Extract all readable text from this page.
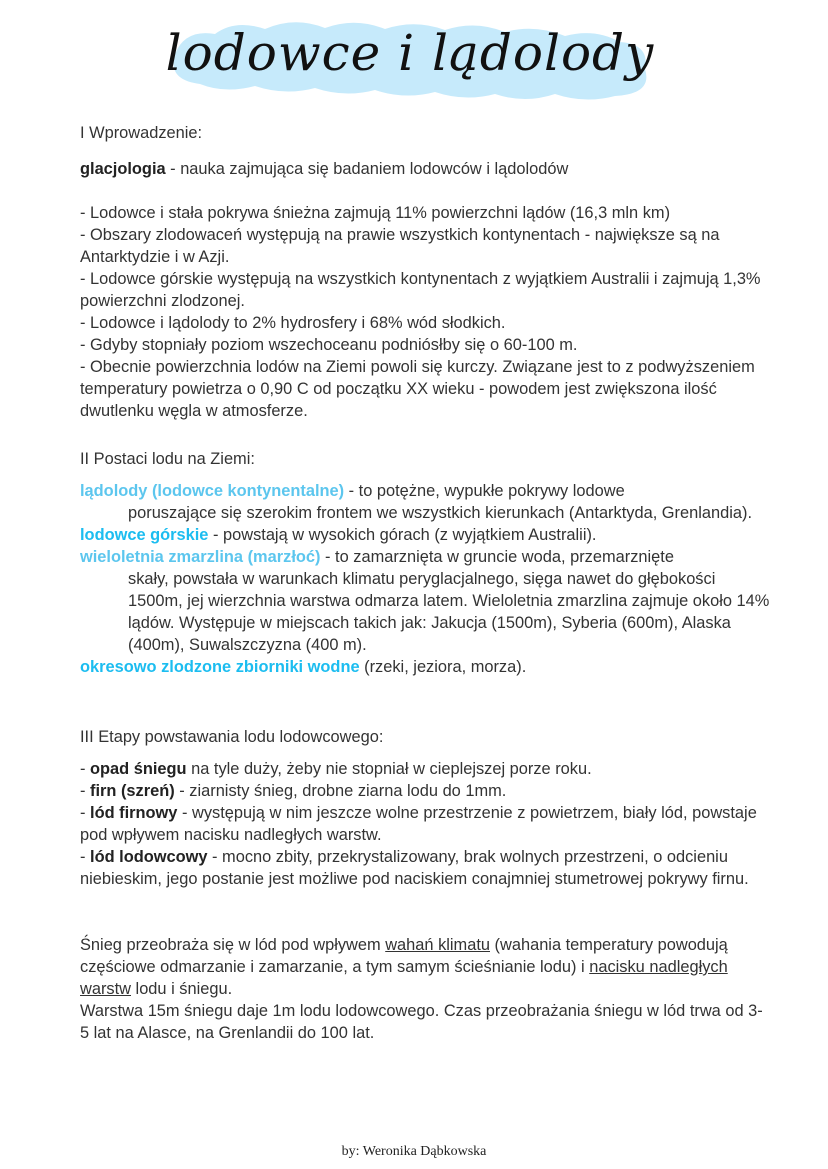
lodowce i lądolody

I Wprowadzenie:

glacjologia - nauka zajmująca się badaniem lodowców i lądolodów

- Lodowce i stała pokrywa śnieżna zajmują 11% powierzchni lądów (16,3 mln km)

- Obszary zlodowaceń występują na prawie wszystkich kontynentach - największe są na Antarktydzie i w Azji.

- Lodowce górskie występują na wszystkich kontynentach z wyjątkiem Australii i zajmują 1,3% powierzchni zlodzonej.

- Lodowce i lądolody to 2% hydrosfery i 68% wód słodkich.

- Gdyby stopniały poziom wszechoceanu podniósłby się o 60-100 m.

- Obecnie powierzchnia lodów na Ziemi powoli się kurczy. Związane jest to z podwyższeniem temperatury powietrza o 0,90 C od początku XX wieku - powodem jest zwiększona ilość dwutlenku węgla w atmosferze.

II Postaci lodu na Ziemi:

lądolody (lodowce kontynentalne) - to potężne, wypukłe pokrywy lodowe

poruszające się szerokim frontem we wszystkich kierunkach (Antarktyda, Grenlandia).

lodowce górskie - powstają w wysokich górach (z wyjątkiem Australii).

wieloletnia zmarzlina (marzłoć) - to zamarznięta w gruncie woda, przemarznięte

skały, powstała w warunkach klimatu peryglacjalnego, sięga nawet do głębokości 1500m, jej wierzchnia warstwa odmarza latem. Wieloletnia zmarzlina zajmuje około 14% lądów. Występuje w miejscach takich jak: Jakucja (1500m), Syberia (600m), Alaska (400m), Suwalszczyzna (400 m).

okresowo zlodzone zbiorniki wodne (rzeki, jeziora, morza).

III Etapy powstawania lodu lodowcowego:

- opad śniegu na tyle duży, żeby nie stopniał w cieplejszej porze roku.

- firn (szreń) - ziarnisty śnieg, drobne ziarna lodu do 1mm.

- lód firnowy - występują w nim jeszcze wolne przestrzenie z powietrzem, biały lód, powstaje pod wpływem nacisku nadległych warstw.

- lód lodowcowy - mocno zbity, przekrystalizowany, brak wolnych przestrzeni, o odcieniu niebieskim, jego postanie jest możliwe pod naciskiem conajmniej stumetrowej pokrywy firnu.

Śnieg przeobraża się w lód pod wpływem wahań klimatu (wahania temperatury powodują częściowe odmarzanie i zamarzanie, a tym samym ścieśnianie lodu) i nacisku nadległych warstw lodu i śniegu.

Warstwa 15m śniegu daje 1m lodu lodowcowego. Czas przeobrażania śniegu w lód trwa od 3-5 lat na Alasce, na Grenlandii do 100 lat.

by: Weronika Dąbkowska
